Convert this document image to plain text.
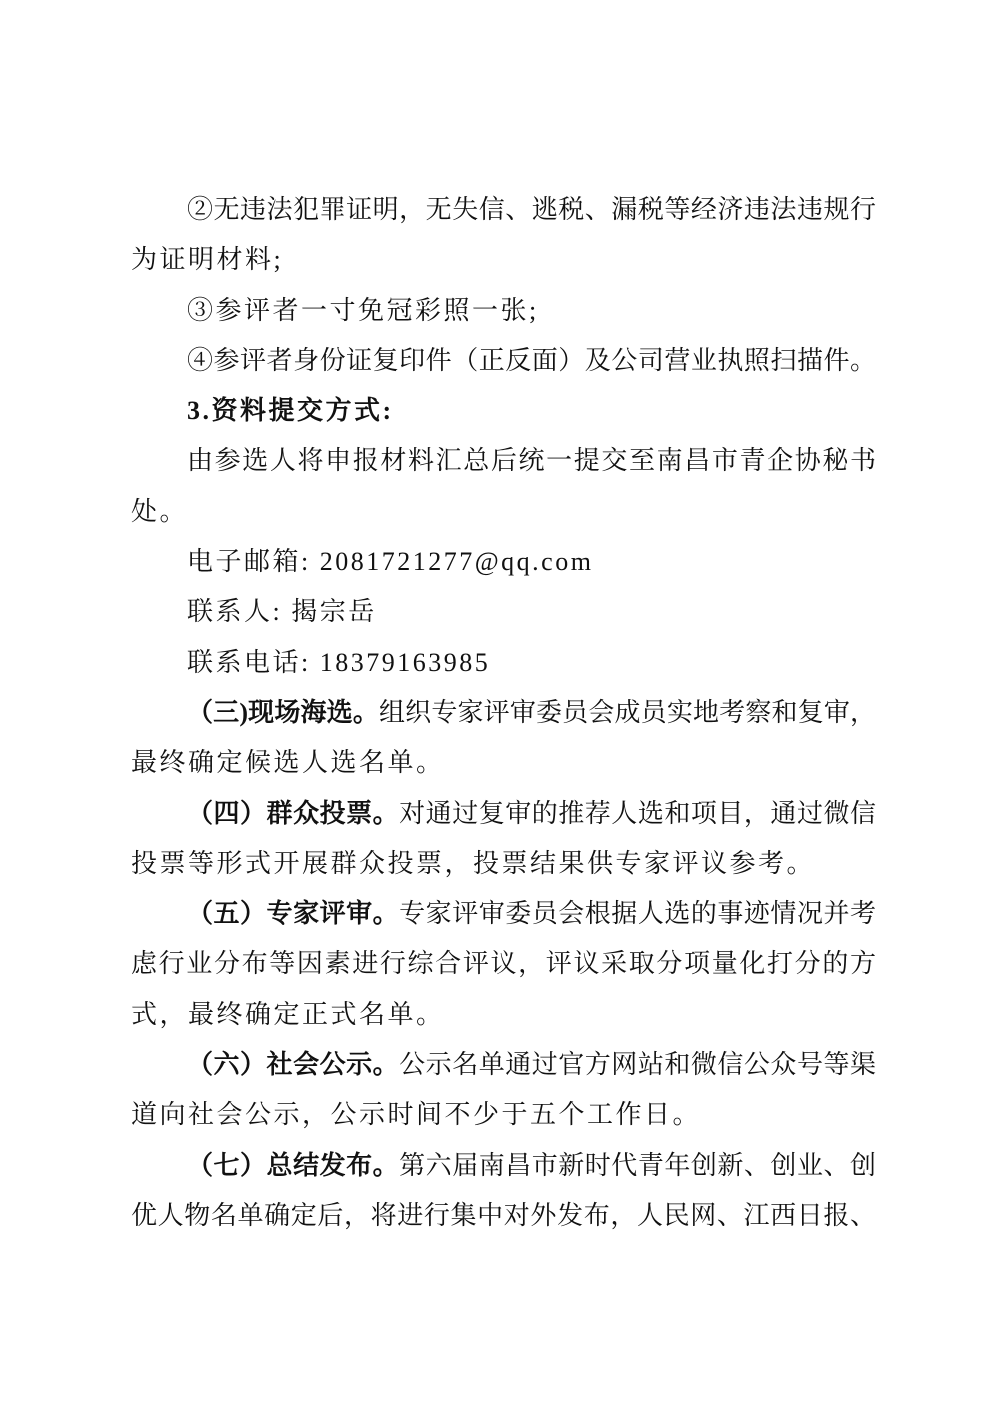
②无违法犯罪证明，无失信、逃税、漏税等经济违法违规行
为证明材料;
③参评者一寸免冠彩照一张;
④参评者身份证复印件（正反面）及公司营业执照扫描件。
3.资料提交方式:
由参选人将申报材料汇总后统一提交至南昌市青企协秘书
处。
电子邮箱: 2081721277@qq.com
联系人: 揭宗岳
联系电话: 18379163985
（三)现场海选。组织专家评审委员会成员实地考察和复审，
最终确定候选人选名单。
（四）群众投票。对通过复审的推荐人选和项目，通过微信
投票等形式开展群众投票，投票结果供专家评议参考。
（五）专家评审。专家评审委员会根据人选的事迹情况并考
虑行业分布等因素进行综合评议，评议采取分项量化打分的方
式，最终确定正式名单。
（六）社会公示。公示名单通过官方网站和微信公众号等渠
道向社会公示，公示时间不少于五个工作日。
（七）总结发布。第六届南昌市新时代青年创新、创业、创
优人物名单确定后，将进行集中对外发布，人民网、江西日报、
